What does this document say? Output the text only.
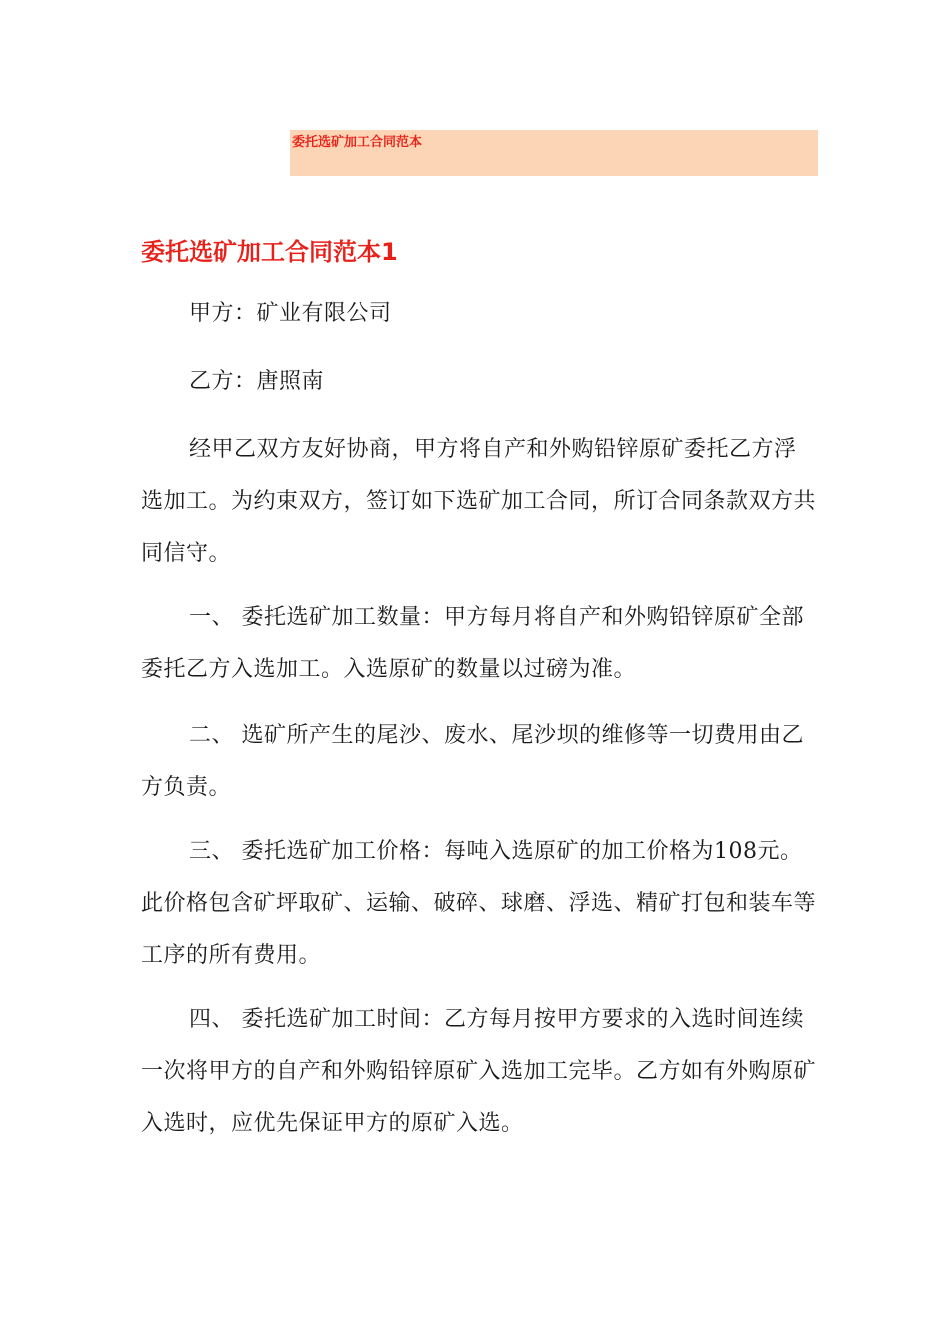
委托选矿加工合同范本
委托选矿加工合同范本1

甲方：矿业有限公司

乙方：唐照南

经甲乙双方友好协商，甲方将自产和外购铅锌原矿委托乙方浮选加工。为约束双方，签订如下选矿加工合同，所订合同条款双方共同信守。

一、 委托选矿加工数量：甲方每月将自产和外购铅锌原矿全部委托乙方入选加工。入选原矿的数量以过磅为准。

二、 选矿所产生的尾沙、废水、尾沙坝的维修等一切费用由乙方负责。

三、 委托选矿加工价格：每吨入选原矿的加工价格为108元。此价格包含矿坪取矿、运输、破碎、球磨、浮选、精矿打包和装车等工序的所有费用。

四、 委托选矿加工时间：乙方每月按甲方要求的入选时间连续一次将甲方的自产和外购铅锌原矿入选加工完毕。乙方如有外购原矿入选时，应优先保证甲方的原矿入选。
